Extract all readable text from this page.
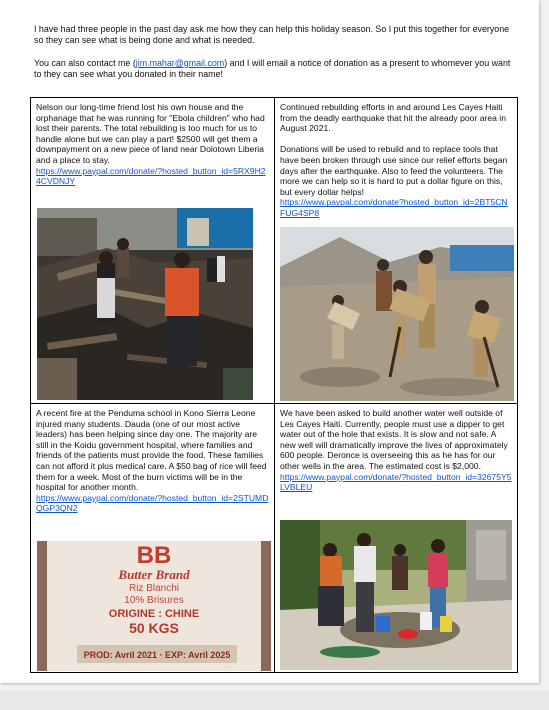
I have had three people in the past day ask me how they can help this holiday season. So I put this together for everyone so they can see what is being done and what is needed.

You can also contact me (jim.mahar@gmail.com) and I will email a notice of donation as a present to whomever you want to they can see what you donated in their name!

Nelson our long-time friend lost his own house and the orphanage that he was running for "Ebola children" who had lost their parents. The total rebuilding is too much for us to handle alone but we can play a part! $2500 will get them a downpayment on a new piece of land near Dolotown Liberia and a place to stay.

https://www.paypal.com/donate/?hosted_button_id=5RX9H24CVDNJY

Continued rebuilding efforts in and around Les Cayes Haiti from the deadly earthquake that hit the already poor area in August 2021.

Donations will be used to rebuild and to replace tools that have been broken through use since our relief efforts began days after the earthquake. Also to feed the volunteers. The more we can help so it is hard to put a dollar figure on this, but every dollar helps!

https://www.paypal.com/donate?hosted_button_id=2BT5CNFUG4SP8

A recent fire at the Penduma school in Kono Sierra Leone injured many students. Dauda (one of our most active leaders) has been helping since day one. The majority are still in the Koidu government hospital, where families and friends of the patients must provide the food. These families can not afford it plus medical care. A $50 bag of rice will feed them for a week. Most of the burn victims will be in the hospital for another month.

https://www.paypal.com/donate/?hosted_button_id=2STUMDQGP3QN2
BB
Butter Brand
Riz Blanchi
10% Brisures
ORIGINE : CHINE
50 KGS
PROD: Avril 2021 · EXP: Avril 2025

We have been asked to build another water well outside of Les Cayes Haiti. Currently, people must use a dipper to get water out of the hole that exists. It is slow and not safe. A new well will dramatically improve the lives of approximately 600 people. Deronce is overseeing this as he has for our other wells in the area. The estimated cost is $2,000.

https://www.paypal.com/donate/?hosted_button_id=32675Y5LVBLEU
